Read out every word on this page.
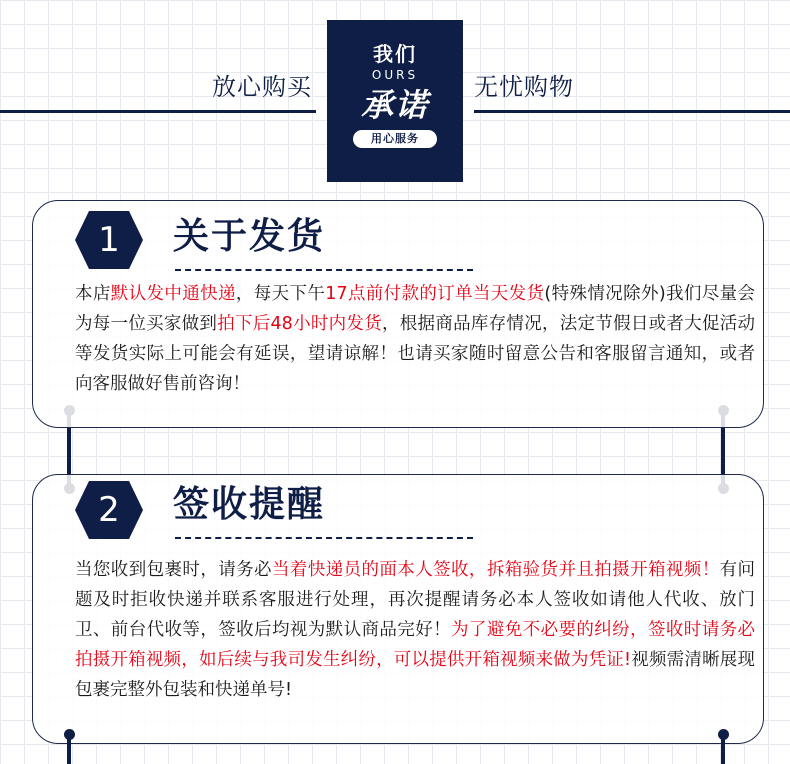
放心购买	无忧购物
我们
OURS
承诺
用心服务
1	关于发货
本店默认发中通快递，每天下午17点前付款的订单当天发货(特殊情况除外)我们尽量会为每一位买家做到拍下后48小时内发货，根据商品库存情况，法定节假日或者大促活动等发货实际上可能会有延误，望请谅解！也请买家随时留意公告和客服留言通知，或者向客服做好售前咨询！
2	签收提醒
当您收到包裹时，请务必当着快递员的面本人签收，拆箱验货并且拍摄开箱视频！有问题及时拒收快递并联系客服进行处理，再次提醒请务必本人签收如请他人代收、放门卫、前台代收等，签收后均视为默认商品完好！为了避免不必要的纠纷，签收时请务必拍摄开箱视频，如后续与我司发生纠纷，可以提供开箱视频来做为凭证!视频需清晰展现包裹完整外包装和快递单号!
